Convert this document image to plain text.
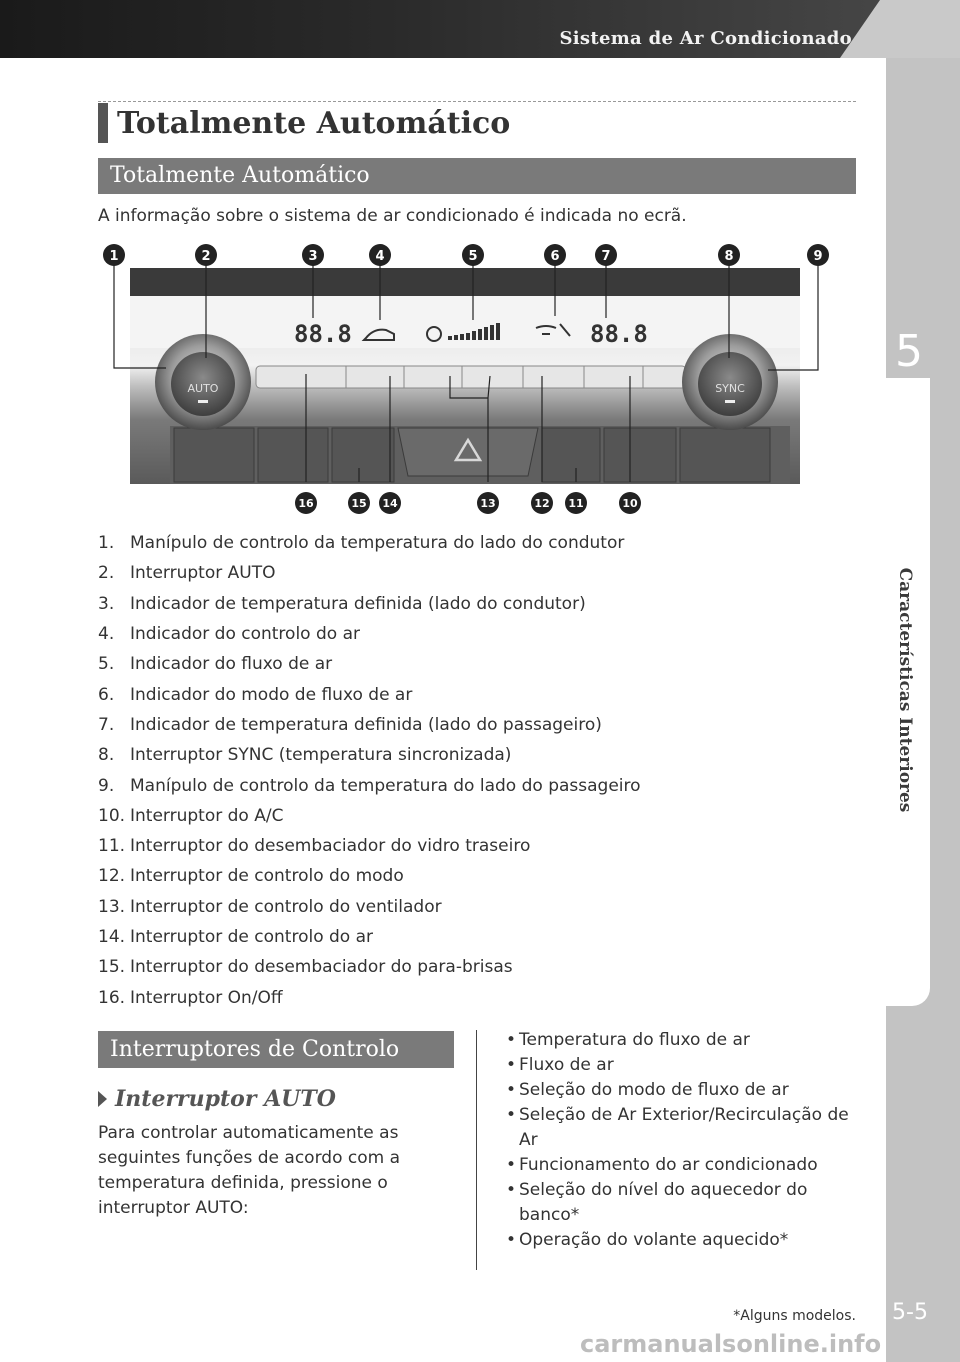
Sistema de Ar Condicionado
5
Características Interiores
5-5
Totalmente Automático
Totalmente Automático
A informação sobre o sistema de ar condicionado é indicada no ecrã.
AUTO	SYNC
88.8	88.8
1	2	3	4	5	6	7	8	9
16	15 14	13	12 11	10
1. Manípulo de controlo da temperatura do lado do condutor
2. Interruptor AUTO
3. Indicador de temperatura definida (lado do condutor)
4. Indicador do controlo do ar
5. Indicador do fluxo de ar
6. Indicador do modo de fluxo de ar
7. Indicador de temperatura definida (lado do passageiro)
8. Interruptor SYNC (temperatura sincronizada)
9. Manípulo de controlo da temperatura do lado do passageiro
10. Interruptor do A/C
11. Interruptor do desembaciador do vidro traseiro
12. Interruptor de controlo do modo
13. Interruptor de controlo do ventilador
14. Interruptor de controlo do ar
15. Interruptor do desembaciador do para-brisas
16. Interruptor On/Off
Interruptores de Controlo
Interruptor AUTO
Para controlar automaticamente as seguintes funções de acordo com a temperatura definida, pressione o interruptor AUTO:
• Temperatura do fluxo de ar
• Fluxo de ar
• Seleção do modo de fluxo de ar
• Seleção de Ar Exterior/Recirculação de Ar
• Funcionamento do ar condicionado
• Seleção do nível do aquecedor do banco*
• Operação do volante aquecido*
*Alguns modelos.
carmanualsonline.info
